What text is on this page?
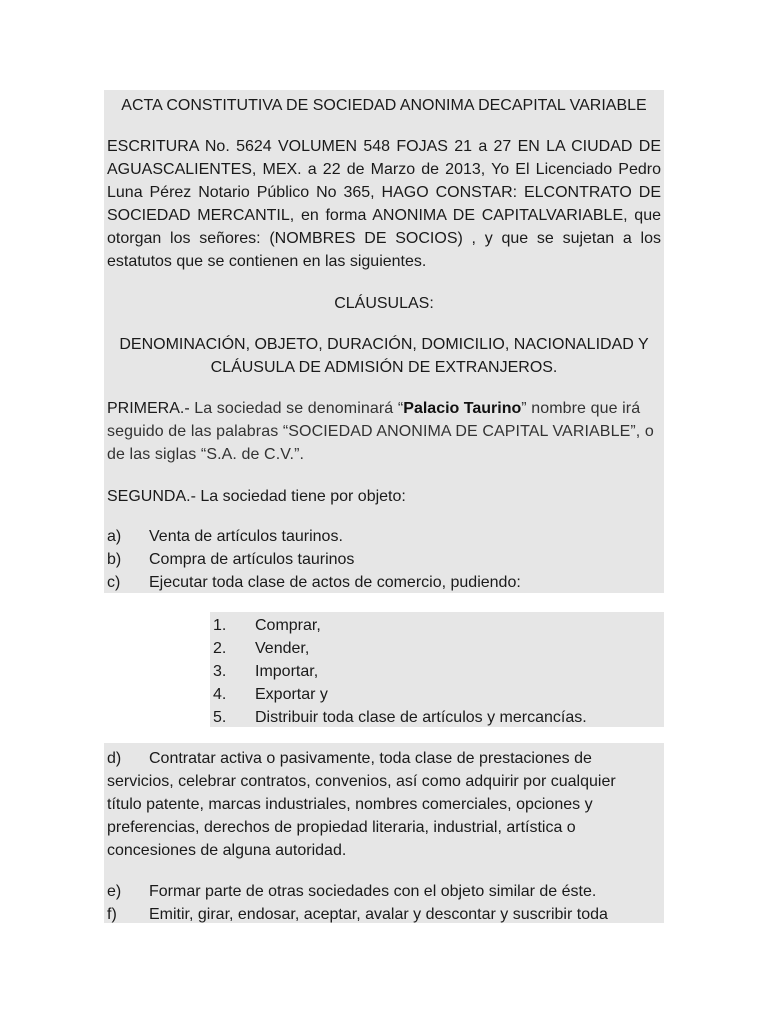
ACTA CONSTITUTIVA DE SOCIEDAD ANONIMA DECAPITAL VARIABLE
ESCRITURA No. 5624 VOLUMEN 548 FOJAS 21 a 27 EN LA CIUDAD DE AGUASCALIENTES, MEX. a 22 de Marzo de 2013, Yo El Licenciado Pedro Luna Pérez Notario Público No 365, HAGO CONSTAR: ELCONTRATO DE SOCIEDAD MERCANTIL, en forma ANONIMA DE CAPITALVARIABLE, que otorgan los señores: (NOMBRES DE SOCIOS) , y que se sujetan a los estatutos que se contienen en las siguientes.
CLÁUSULAS:
DENOMINACIÓN, OBJETO, DURACIÓN, DOMICILIO, NACIONALIDAD Y
CLÁUSULA DE ADMISIÓN DE EXTRANJEROS.
PRIMERA.- La sociedad se denominará “Palacio Taurino” nombre que irá seguido de las palabras “SOCIEDAD ANONIMA DE CAPITAL VARIABLE”, o de las siglas “S.A. de C.V.”.
SEGUNDA.- La sociedad tiene por objeto:
a)	Venta de artículos taurinos.
b)	Compra de artículos taurinos
c)	Ejecutar toda clase de actos de comercio, pudiendo:
1.	Comprar,
2.	Vender,
3.	Importar,
4.	Exportar y
5.	Distribuir toda clase de artículos y mercancías.
d) Contratar activa o pasivamente, toda clase de prestaciones de
servicios, celebrar contratos, convenios, así como adquirir por cualquier
título patente, marcas industriales, nombres comerciales, opciones y
preferencias, derechos de propiedad literaria, industrial, artística o
concesiones de alguna autoridad.
e)	Formar parte de otras sociedades con el objeto similar de éste.
f)	Emitir, girar, endosar, aceptar, avalar y descontar y suscribir toda
